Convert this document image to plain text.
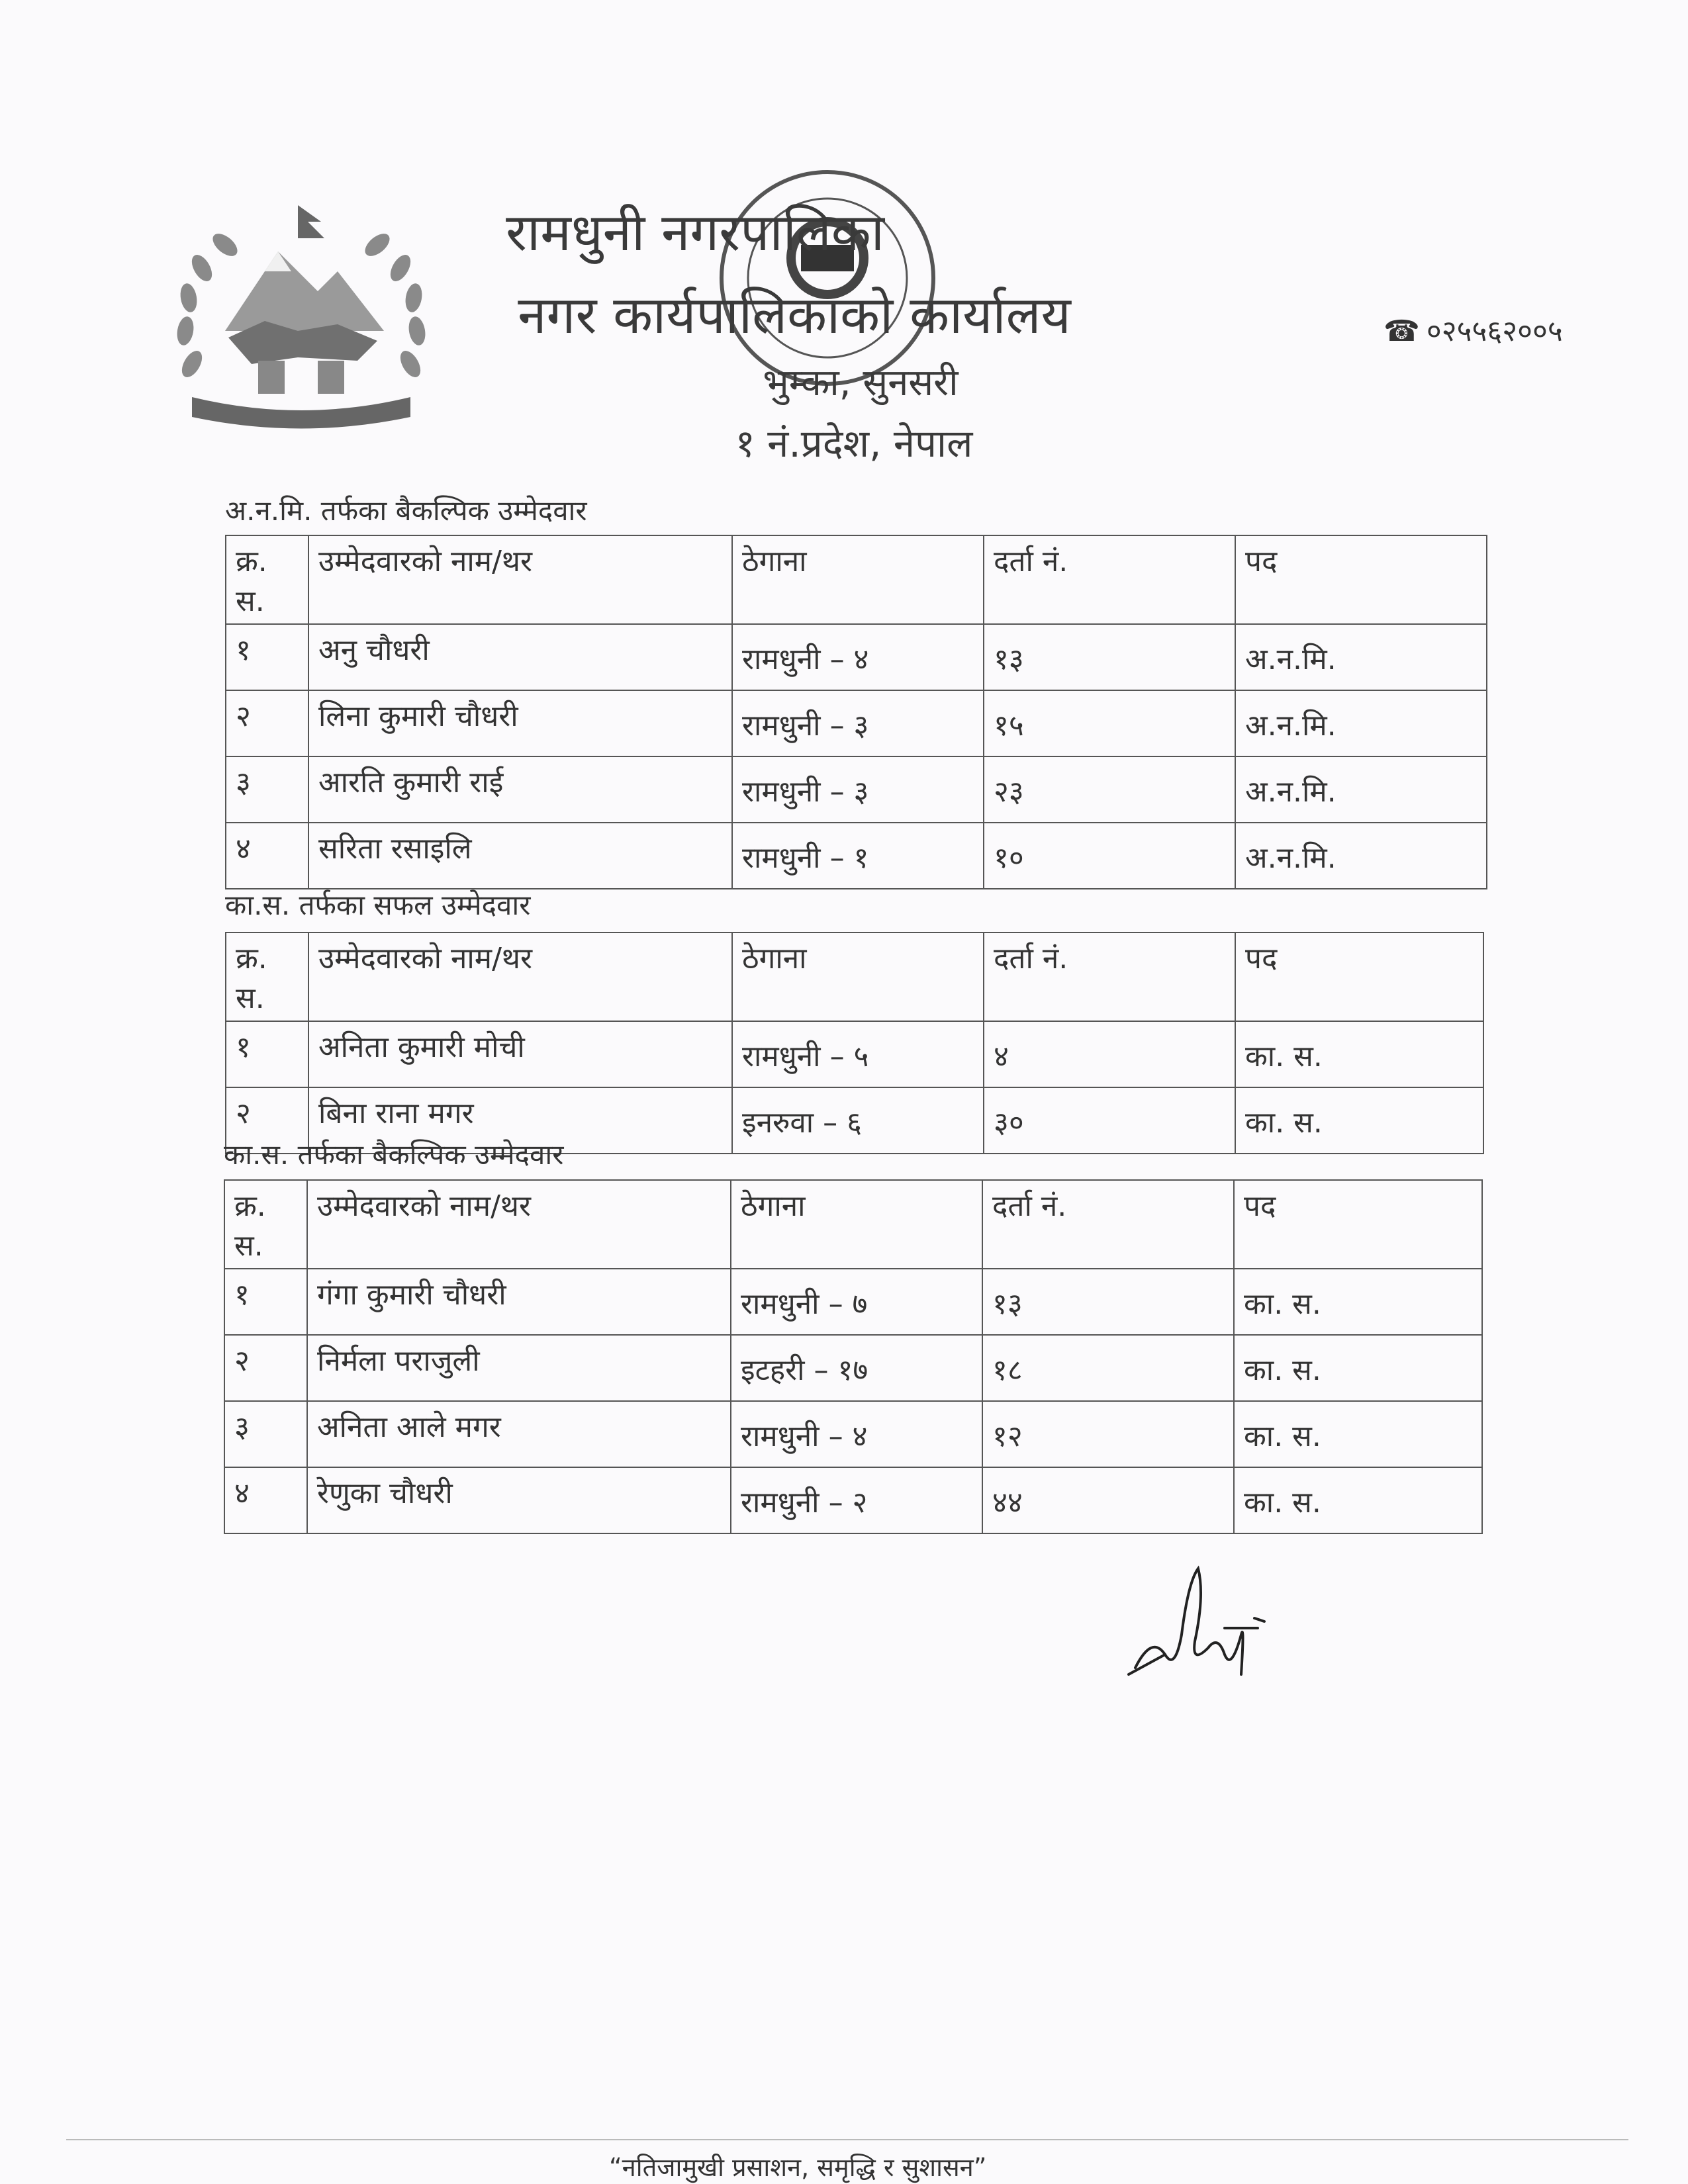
रामधुनी नगरपालिका
नगर कार्यपालिकाको कार्यालय
भुम्का, सुनसरी
१ नं.प्रदेश, नेपाल
☎ ०२५५६२००५
अ.न.मि. तर्फका बैकल्पिक उम्मेदवार
क्र.
स.	उम्मेदवारको नाम/थर	ठेगाना	दर्ता नं.	पद
१	अनु चौधरी	रामधुनी – ४	१३	अ.न.मि.
२	लिना कुमारी चौधरी	रामधुनी – ३	१५	अ.न.मि.
३	आरति कुमारी राई	रामधुनी – ३	२३	अ.न.मि.
४	सरिता रसाइलि	रामधुनी – १	१०	अ.न.मि.
का.स. तर्फका सफल उम्मेदवार
क्र.
स.	उम्मेदवारको नाम/थर	ठेगाना	दर्ता नं.	पद
१	अनिता कुमारी मोची	रामधुनी – ५	४	का. स.
२	बिना राना मगर	इनरुवा – ६	३०	का. स.
का.स. तर्फका बैकल्पिक उम्मेदवार
क्र.
स.	उम्मेदवारको नाम/थर	ठेगाना	दर्ता नं.	पद
१	गंगा कुमारी चौधरी	रामधुनी – ७	१३	का. स.
२	निर्मला पराजुली	इटहरी – १७	१८	का. स.
३	अनिता आले मगर	रामधुनी – ४	१२	का. स.
४	रेणुका चौधरी	रामधुनी – २	४४	का. स.
“नतिजामुखी प्रसाशन, समृद्धि र सुशासन”
